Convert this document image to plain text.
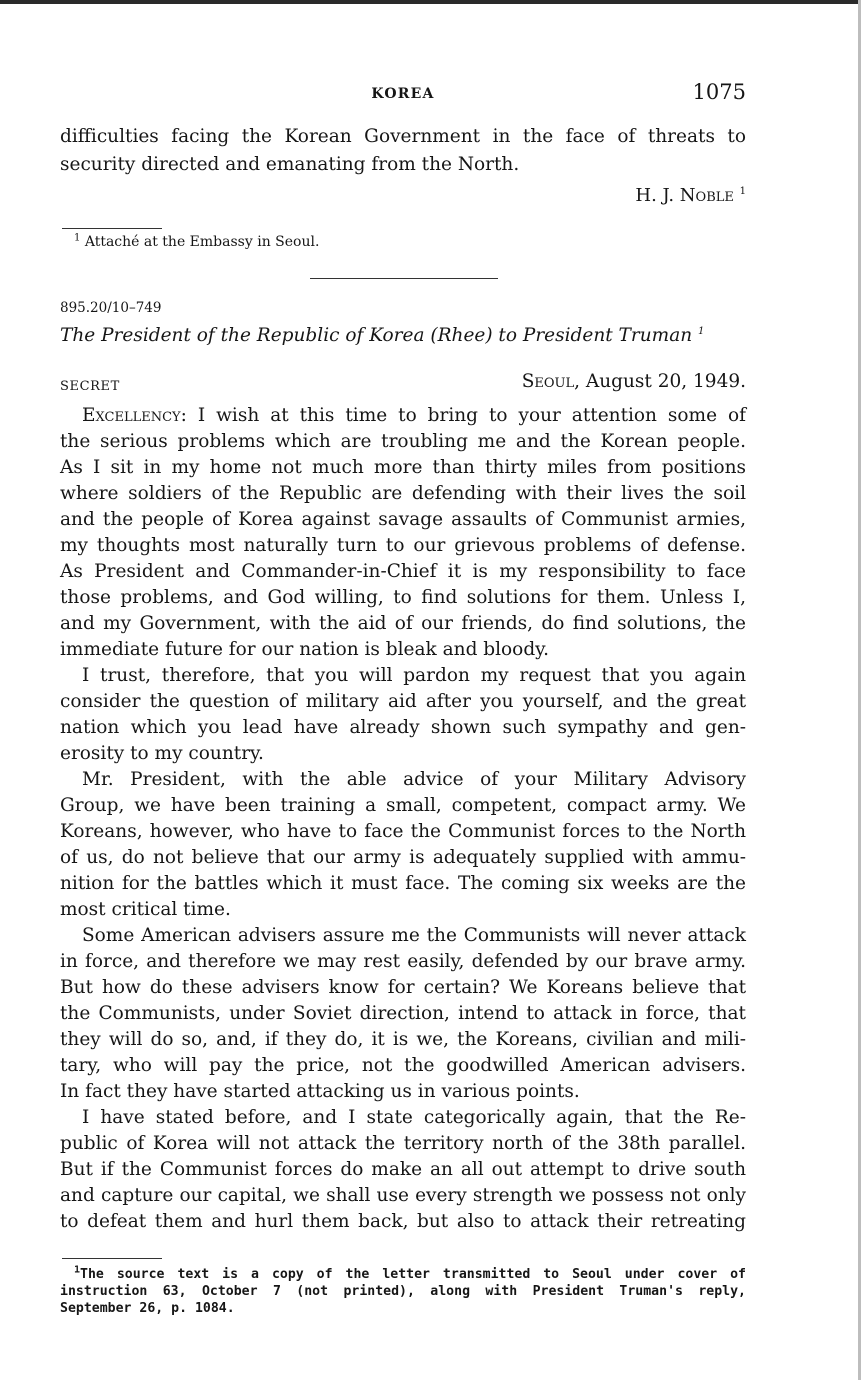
KOREA	1075
difficulties facing the Korean Government in the face of threats to
security directed and emanating from the North.
H. J. Noble $^1$
$^1$ Attaché at the Embassy in Seoul.
895.20/10–749
The President of the Republic of Korea (Rhee) to President Truman $^1$
SECRET	Seoul, August 20, 1949.
Excellency: I wish at this time to bring to your attention some of
the serious problems which are troubling me and the Korean people.
As I sit in my home not much more than thirty miles from positions
where soldiers of the Republic are defending with their lives the soil
and the people of Korea against savage assaults of Communist armies,
my thoughts most naturally turn to our grievous problems of defense.
As President and Commander-in-Chief it is my responsibility to face
those problems, and God willing, to find solutions for them. Unless I,
and my Government, with the aid of our friends, do find solutions, the
immediate future for our nation is bleak and bloody.
I trust, therefore, that you will pardon my request that you again
consider the question of military aid after you yourself, and the great
nation which you lead have already shown such sympathy and gen-
erosity to my country.
Mr. President, with the able advice of your Military Advisory
Group, we have been training a small, competent, compact army. We
Koreans, however, who have to face the Communist forces to the North
of us, do not believe that our army is adequately supplied with ammu-
nition for the battles which it must face. The coming six weeks are the
most critical time.
Some American advisers assure me the Communists will never attack
in force, and therefore we may rest easily, defended by our brave army.
But how do these advisers know for certain? We Koreans believe that
the Communists, under Soviet direction, intend to attack in force, that
they will do so, and, if they do, it is we, the Koreans, civilian and mili-
tary, who will pay the price, not the goodwilled American advisers.
In fact they have started attacking us in various points.
I have stated before, and I state categorically again, that the Re-
public of Korea will not attack the territory north of the 38th parallel.
But if the Communist forces do make an all out attempt to drive south
and capture our capital, we shall use every strength we possess not only
to defeat them and hurl them back, but also to attack their retreating
$^1$The source text is a copy of the letter transmitted to Seoul under cover of
instruction 63, October 7 (not printed), along with President Truman's reply,
September 26, p. 1084.
